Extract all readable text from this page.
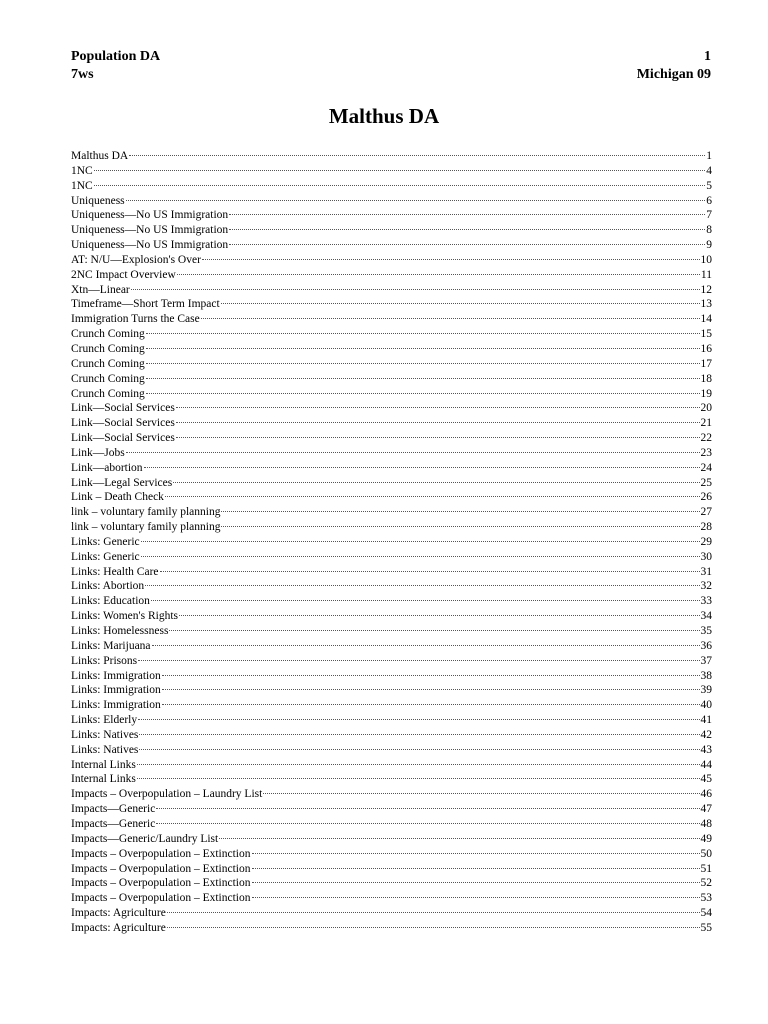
Population DA	1
7ws	Michigan 09
Malthus DA
Malthus DA	1
1NC	4
1NC	5
Uniqueness	6
Uniqueness—No US Immigration	7
Uniqueness—No US Immigration	8
Uniqueness—No US Immigration	9
AT: N/U—Explosion's Over	10
2NC Impact Overview	11
Xtn—Linear	12
Timeframe—Short Term Impact	13
Immigration Turns the Case	14
Crunch Coming	15
Crunch Coming	16
Crunch Coming	17
Crunch Coming	18
Crunch Coming	19
Link—Social Services	20
Link—Social Services	21
Link—Social Services	22
Link—Jobs	23
Link—abortion	24
Link—Legal Services	25
Link – Death Check	26
link – voluntary family planning	27
link – voluntary family planning	28
Links: Generic	29
Links: Generic	30
Links: Health Care	31
Links: Abortion	32
Links: Education	33
Links: Women's Rights	34
Links: Homelessness	35
Links: Marijuana	36
Links: Prisons	37
Links: Immigration	38
Links: Immigration	39
Links: Immigration	40
Links: Elderly	41
Links: Natives	42
Links: Natives	43
Internal Links	44
Internal Links	45
Impacts – Overpopulation – Laundry List	46
Impacts—Generic	47
Impacts—Generic	48
Impacts—Generic/Laundry List	49
Impacts – Overpopulation – Extinction	50
Impacts – Overpopulation – Extinction	51
Impacts – Overpopulation – Extinction	52
Impacts – Overpopulation – Extinction	53
Impacts: Agriculture	54
Impacts: Agriculture	55
